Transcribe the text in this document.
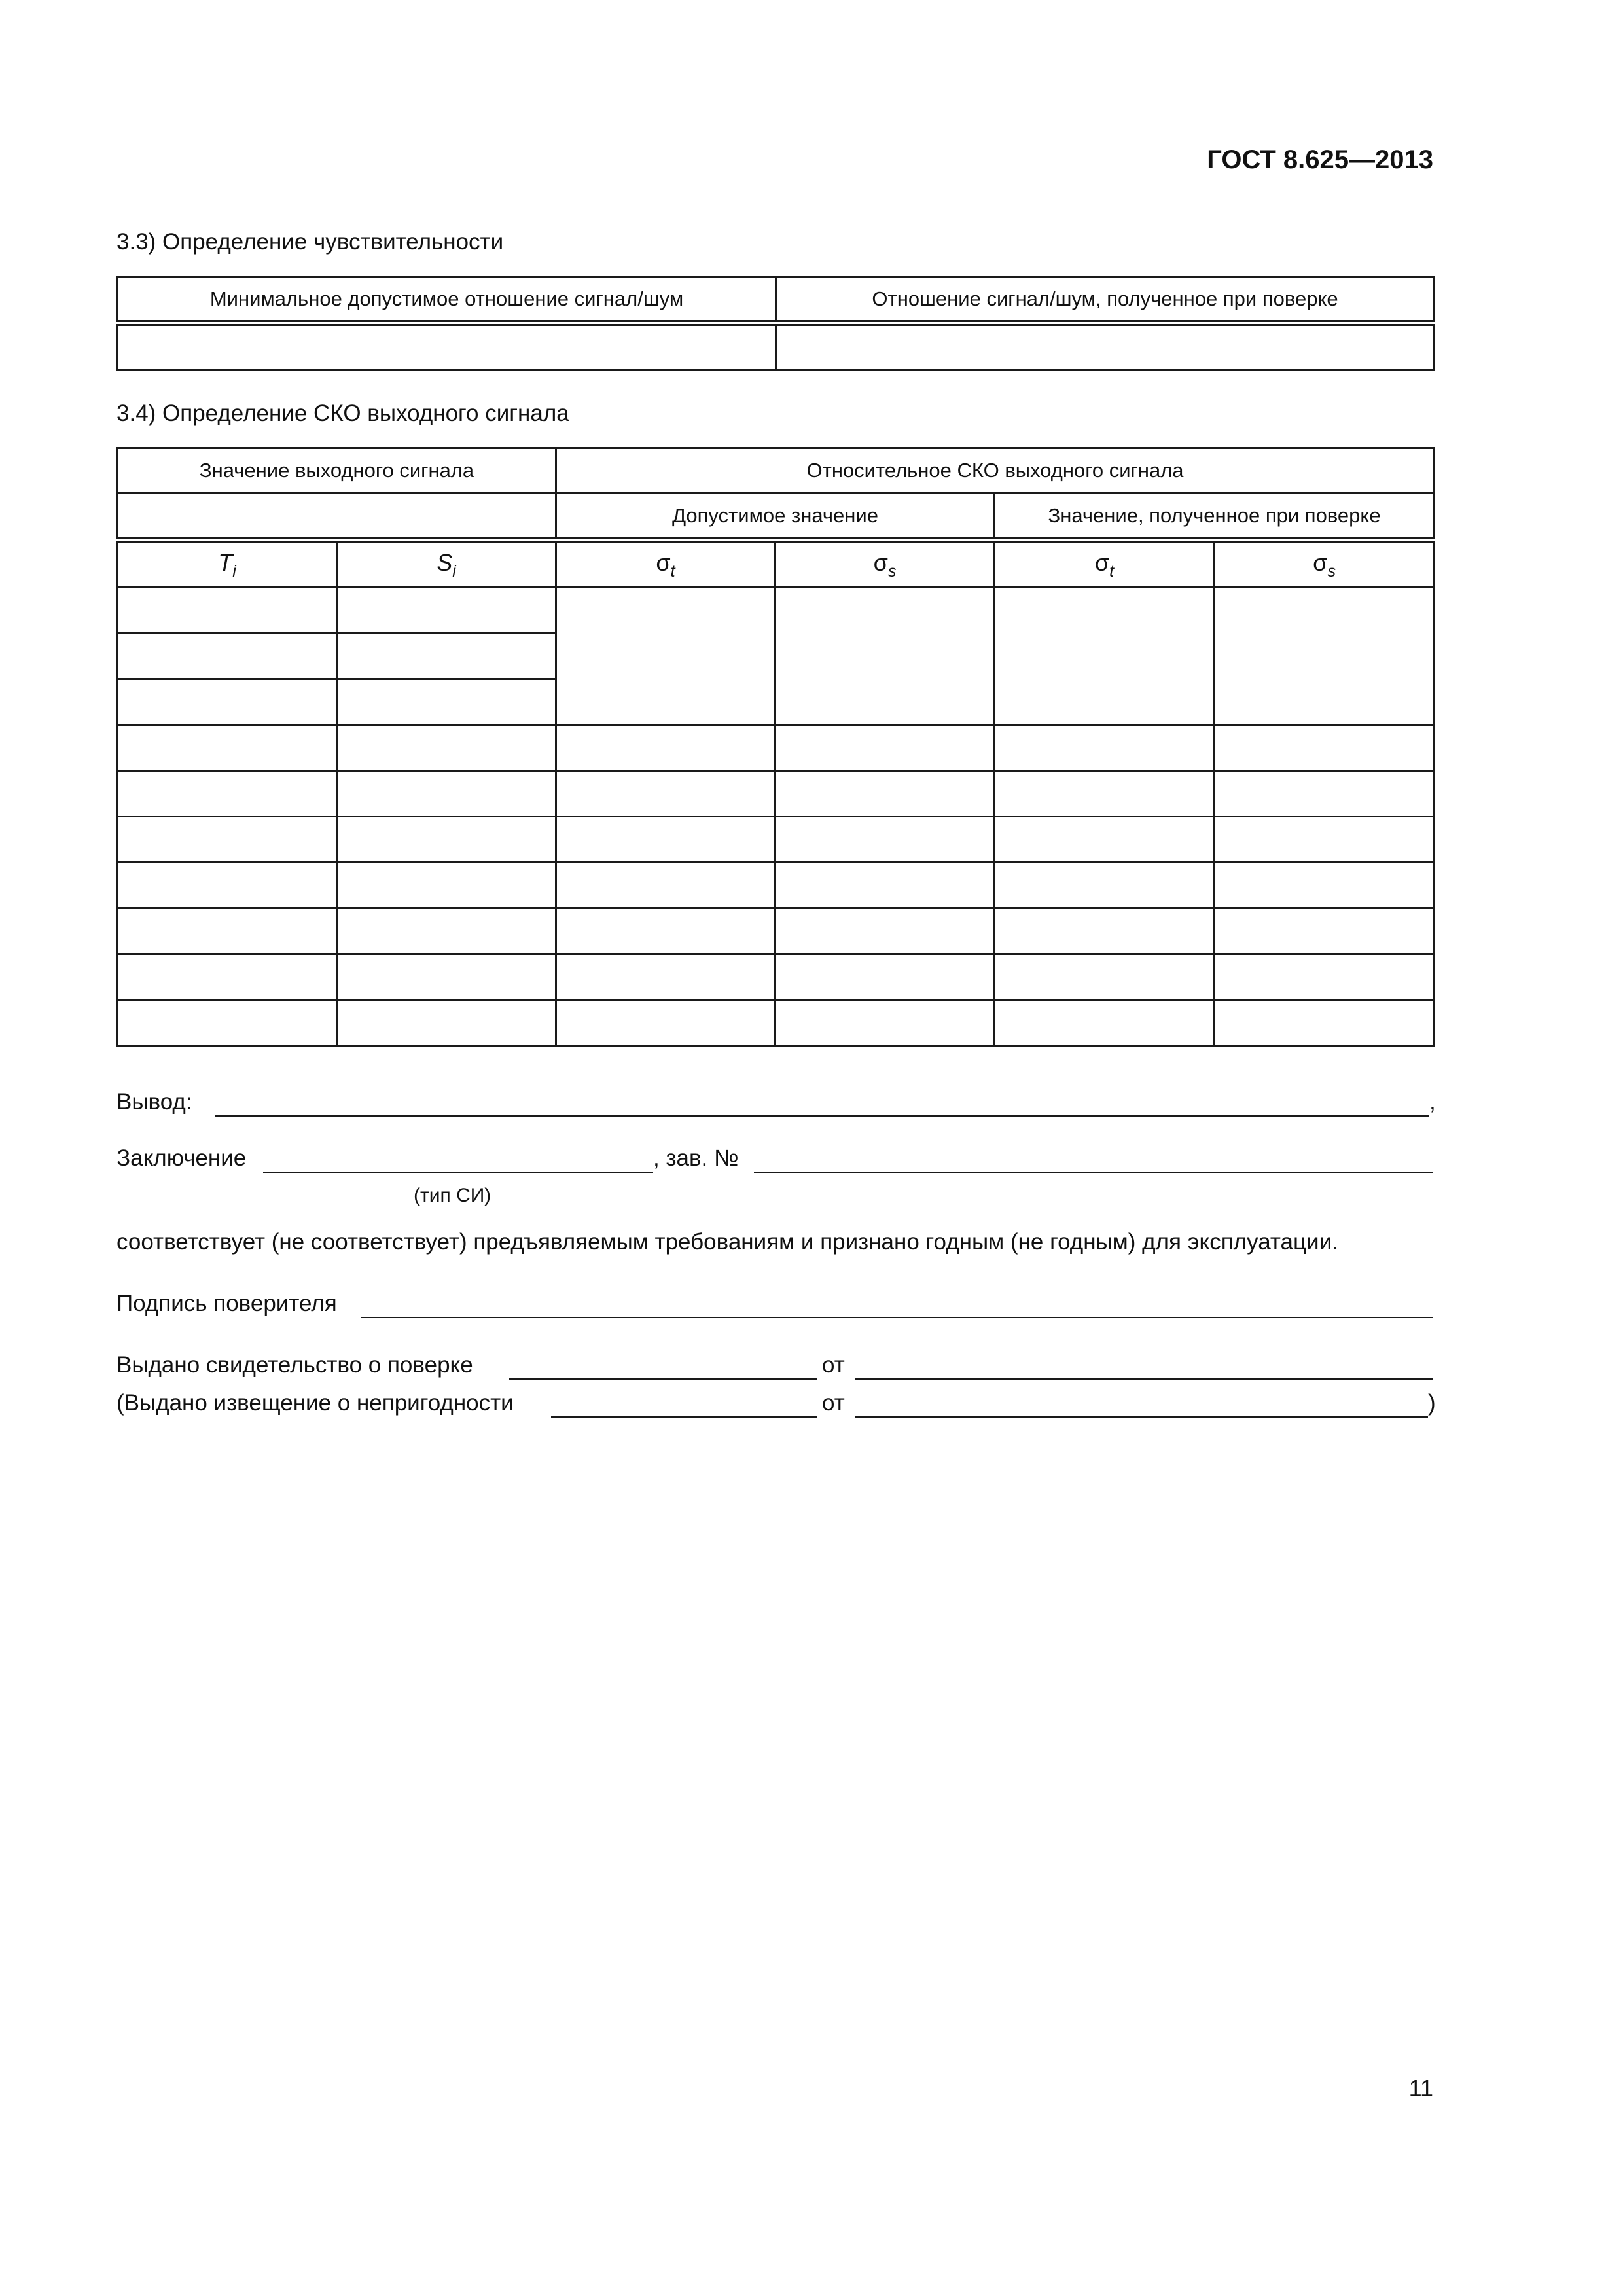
ГОСТ 8.625—2013
3.3) Определение чувствительности
Минимальное допустимое отношение сигнал/шум	Отношение сигнал/шум, полученное при поверке

3.4) Определение СКО выходного сигнала
Значение выходного сигнала		Относительное СКО выходного сигнала			
		Допустимое значение		Значение, полученное при поверке	
$T_i$	$S_i$	$\sigma_t$	$\sigma_s$	$\sigma_t$	$\sigma_s$

Вывод:	,
Заключение	, зав. №
(тип СИ)
соответствует (не соответствует) предъявляемым требованиям и признано годным (не годным) для эксплуатации.
Подпись поверителя
Выдано свидетельство о поверке	от
(Выдано извещение о непригодности	от	)
11
